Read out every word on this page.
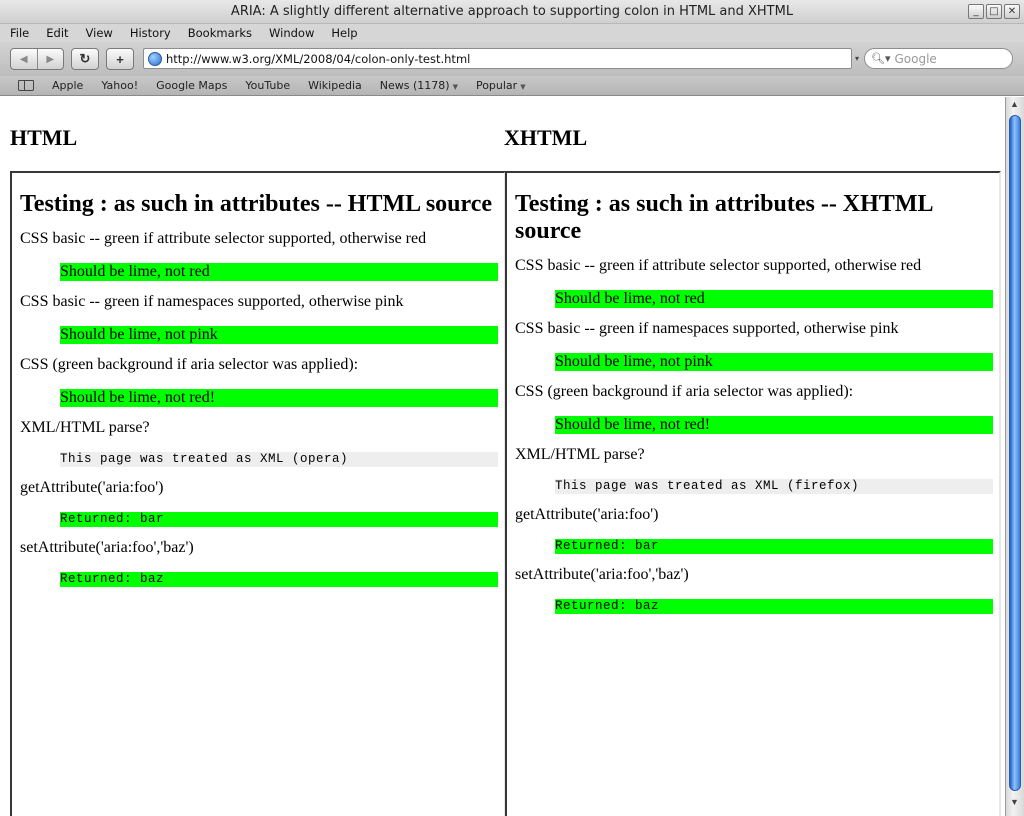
ARIA: A slightly different alternative approach to supporting colon in HTML and XHTML	_	□ ✕
File Edit View History Bookmarks Window Help
◀ ▶ ↻ +	http://www.w3.org/XML/2008/04/colon-only-test.html	▾ 🔍︎▾ Google
Apple Yahoo! Google Maps YouTube Wikipedia News (1178) ▼ Popular ▼
HTML	XHTML
Testing : as such in attributes -- HTML source

CSS basic -- green if attribute selector supported, otherwise red

Should be lime, not red

CSS basic -- green if namespaces supported, otherwise pink

Should be lime, not pink

CSS (green background if aria selector was applied):

Should be lime, not red!

XML/HTML parse?

This page was treated as XML (opera)

getAttribute('aria:foo')

Returned: bar

setAttribute('aria:foo','baz')

Returned: baz
Testing : as such in attributes -- XHTML source

CSS basic -- green if attribute selector supported, otherwise red

Should be lime, not red

CSS basic -- green if namespaces supported, otherwise pink

Should be lime, not pink

CSS (green background if aria selector was applied):

Should be lime, not red!

XML/HTML parse?

This page was treated as XML (firefox)

getAttribute('aria:foo')

Returned: bar

setAttribute('aria:foo','baz')

Returned: baz
▲
▼
